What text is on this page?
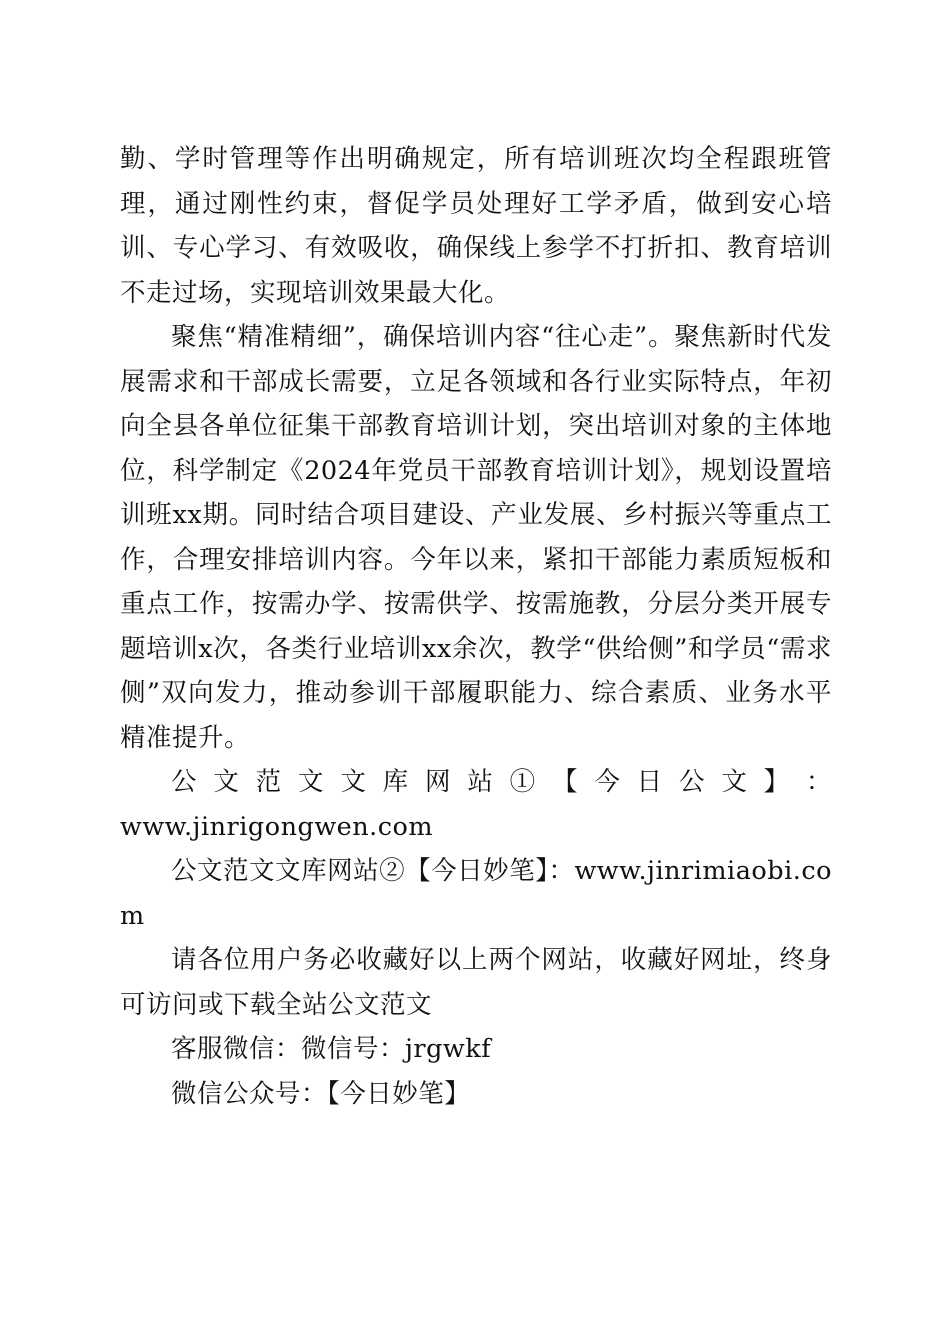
勤、学时管理等作出明确规定，所有培训班次均全程跟班管理，通过刚性约束，督促学员处理好工学矛盾，做到安心培训、专心学习、有效吸收，确保线上参学不打折扣、教育培训不走过场，实现培训效果最大化。

聚焦“精准精细”，确保培训内容“往心走”。聚焦新时代发展需求和干部成长需要，立足各领域和各行业实际特点，年初向全县各单位征集干部教育培训计划，突出培训对象的主体地位，科学制定《2024年党员干部教育培训计划》，规划设置培训班xx期。同时结合项目建设、产业发展、乡村振兴等重点工作，合理安排培训内容。今年以来，紧扣干部能力素质短板和重点工作，按需办学、按需供学、按需施教，分层分类开展专题培训x次，各类行业培训xx余次，教学“供给侧”和学员“需求侧”双向发力，推动参训干部履职能力、综合素质、业务水平精准提升。

公 文 范 文 文 库 网 站 ① 【 今 日 公 文 】 ：

www.jinrigongwen.com

公文范文文库网站②【今日妙笔】：www.jinrimiaobi.com

请各位用户务必收藏好以上两个网站，收藏好网址，终身可访问或下载全站公文范文

客服微信：微信号：jrgwkf

微信公众号：【今日妙笔】
